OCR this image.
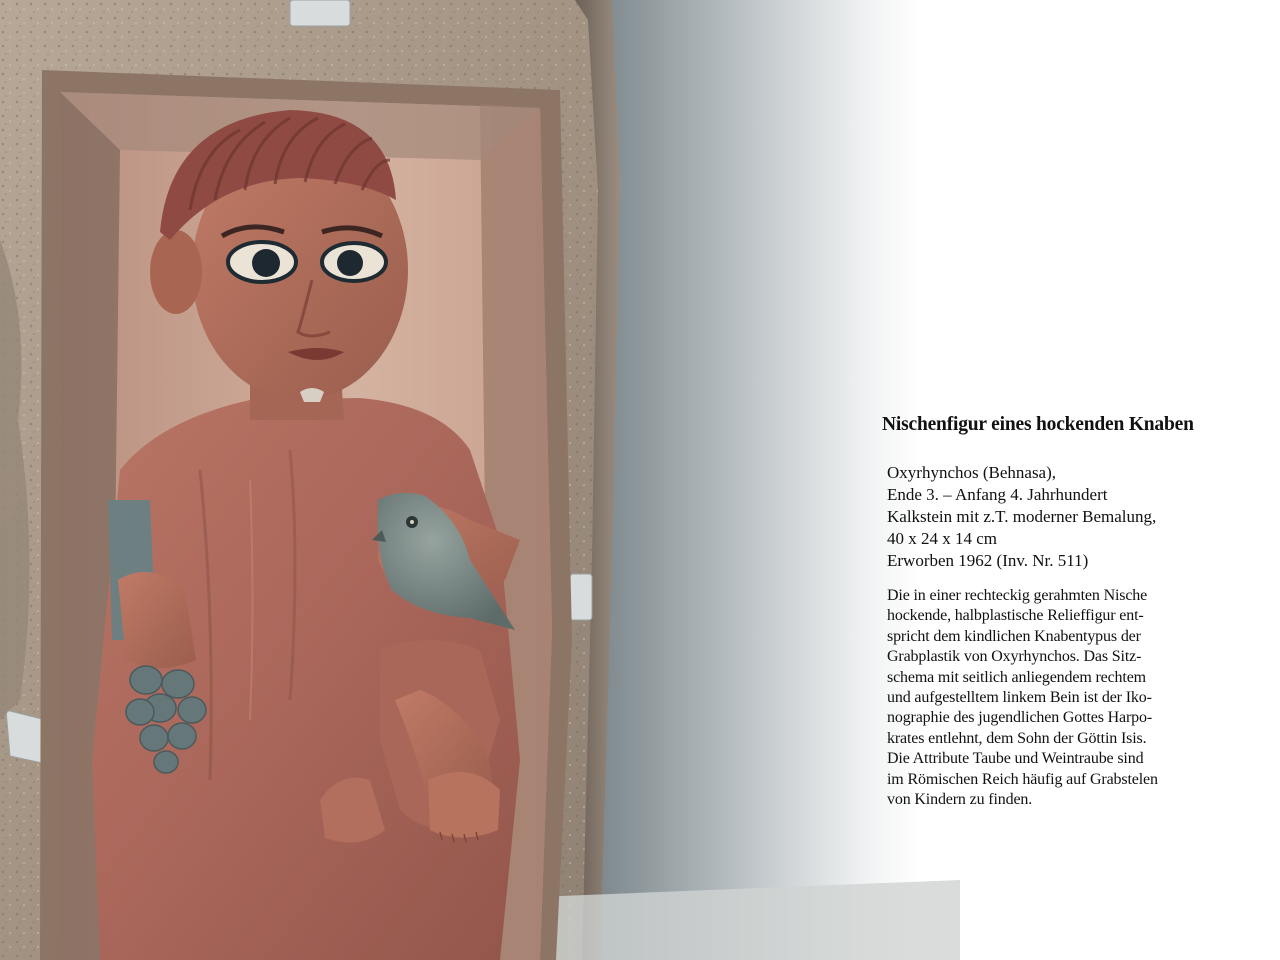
Nischenfigur eines hockenden Knaben
Oxyrhynchos (Behnasa),
Ende 3. – Anfang 4. Jahrhundert
Kalkstein mit z.T. moderner Bemalung,
40 x 24 x 14 cm
Erworben 1962 (Inv. Nr. 511)
Die in einer rechteckig gerahmten Nische
hockende, halbplastische Relieffigur ent-
spricht dem kindlichen Knabentypus der
Grabplastik von Oxyrhynchos. Das Sitz-
schema mit seitlich anliegendem rechtem
und aufgestelltem linkem Bein ist der Iko-
nographie des jugendlichen Gottes Harpo-
krates entlehnt, dem Sohn der Göttin Isis.
Die Attribute Taube und Weintraube sind
im Römischen Reich häufig auf Grabstelen
von Kindern zu finden.
